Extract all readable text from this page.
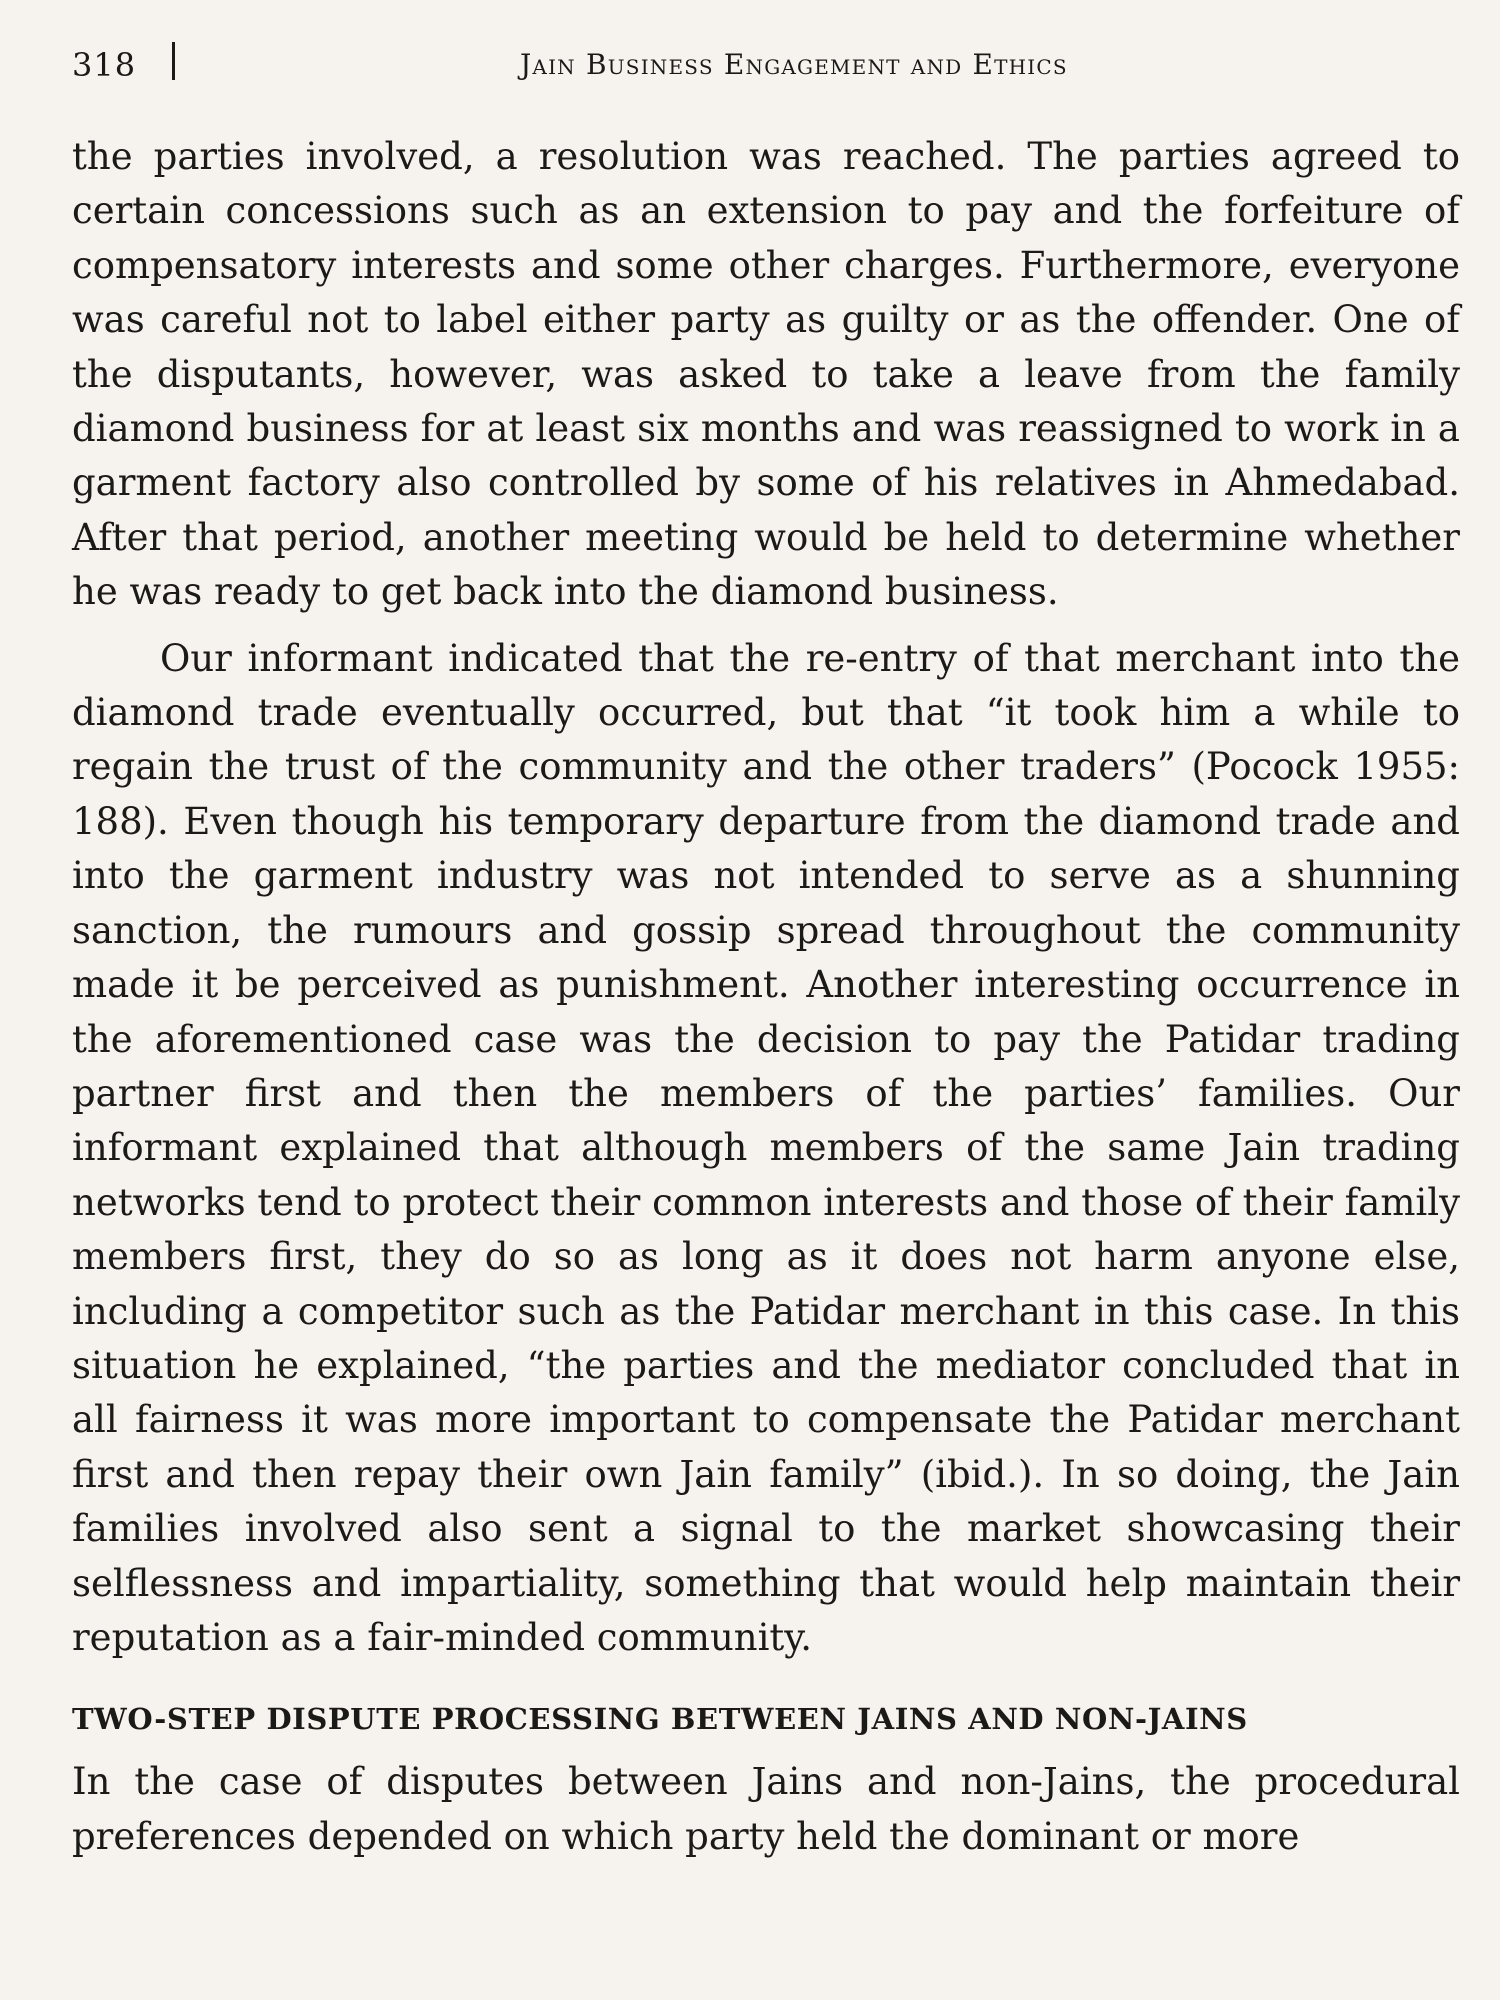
318	Jain Business Engagement and Ethics

the parties involved, a resolution was reached. The parties agreed to certain concessions such as an extension to pay and the forfeiture of compensatory interests and some other charges. Furthermore, everyone was careful not to label either party as guilty or as the offender. One of the disputants, however, was asked to take a leave from the family diamond business for at least six months and was reassigned to work in a garment factory also controlled by some of his relatives in Ahmedabad. After that period, another meeting would be held to determine whether he was ready to get back into the diamond business.

Our informant indicated that the re-entry of that merchant into the diamond trade eventually occurred, but that “it took him a while to regain the trust of the community and the other traders” (Pocock 1955: 188). Even though his temporary departure from the diamond trade and into the garment industry was not intended to serve as a shunning sanction, the rumours and gossip spread throughout the community made it be perceived as punishment. Another interesting occurrence in the aforementioned case was the decision to pay the Patidar trading partner first and then the members of the parties’ families. Our informant explained that although members of the same Jain trading networks tend to protect their common interests and those of their family members first, they do so as long as it does not harm anyone else, including a competitor such as the Patidar merchant in this case. In this situation he explained, “the parties and the mediator concluded that in all fairness it was more important to compensate the Patidar merchant first and then repay their own Jain family” (ibid.). In so doing, the Jain families involved also sent a signal to the market showcasing their selflessness and impartiality, something that would help maintain their reputation as a fair-minded community.

TWO-STEP DISPUTE PROCESSING BETWEEN JAINS AND NON-JAINS

In the case of disputes between Jains and non-Jains, the procedural preferences depended on which party held the dominant or more
